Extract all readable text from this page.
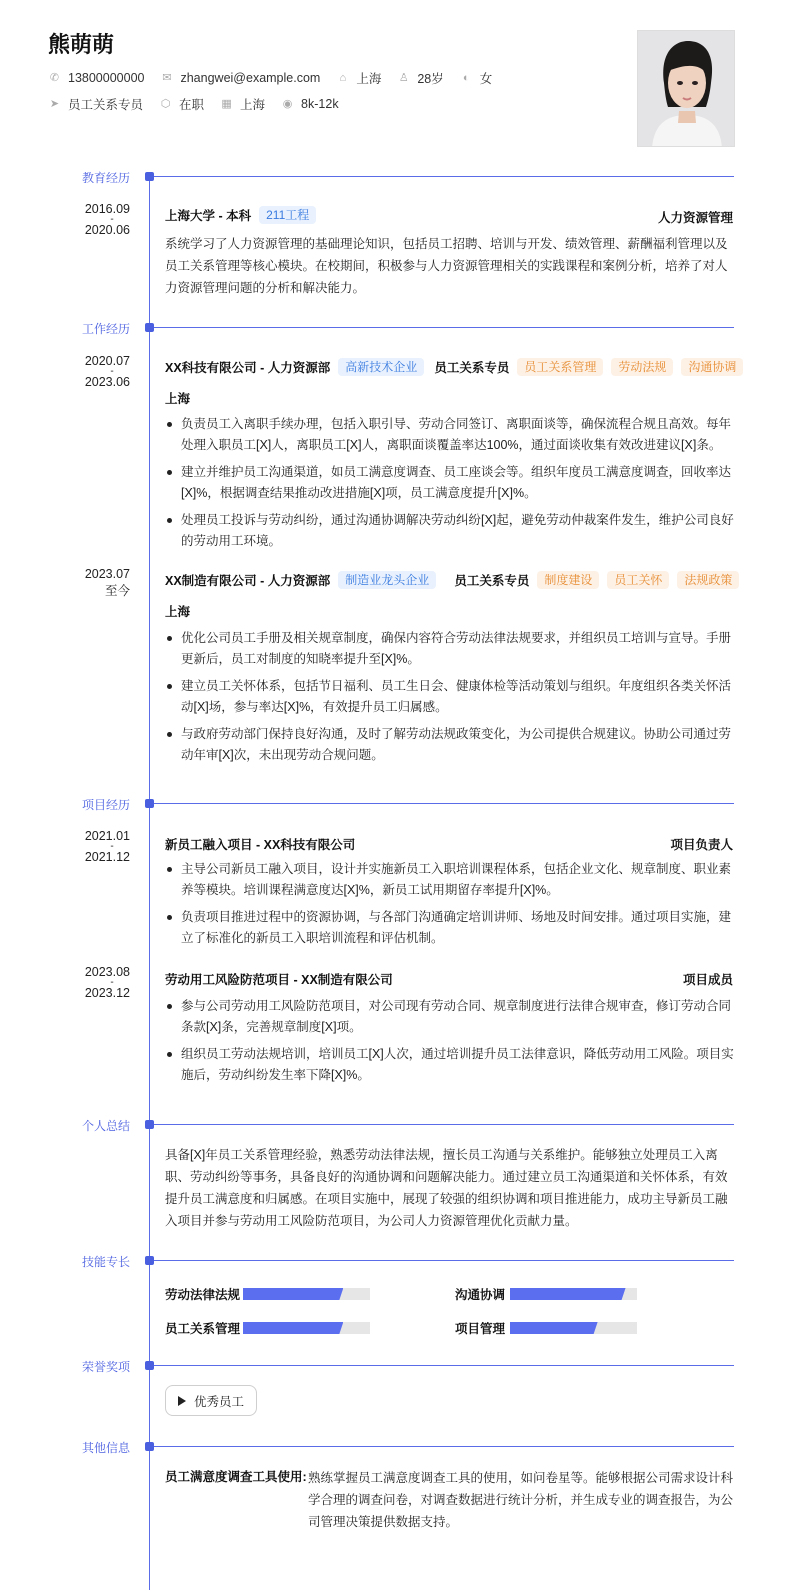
熊萌萌
✆ 13800000000 ✉ zhangwei@example.com ⌂ 上海 ♙ 28岁 ◐ 女
➤ 员工关系专员 ⬡ 在职 ▦ 上海 ◉ 8k-12k
教育经历
2016.09
-
2020.06
上海大学 - 本科	211工程	人力资源管理
系统学习了人力资源管理的基础理论知识，包括员工招聘、培训与开发、绩效管理、薪酬福利管理以及员工关系管理等核心模块。在校期间，积极参与人力资源管理相关的实践课程和案例分析，培养了对人力资源管理问题的分析和解决能力。
工作经历
2020.07
-
2023.06
XX科技有限公司 - 人力资源部	高新技术企业	员工关系专员	员工关系管理	劳动法规	沟通协调
上海
负责员工入离职手续办理，包括入职引导、劳动合同签订、离职面谈等，确保流程合规且高效。每年处理入职员工[X]人，离职员工[X]人，离职面谈覆盖率达100%，通过面谈收集有效改进建议[X]条。
建立并维护员工沟通渠道，如员工满意度调查、员工座谈会等。组织年度员工满意度调查，回收率达[X]%，根据调查结果推动改进措施[X]项，员工满意度提升[X]%。
处理员工投诉与劳动纠纷，通过沟通协调解决劳动纠纷[X]起，避免劳动仲裁案件发生，维护公司良好的劳动用工环境。
2023.07
至今
XX制造有限公司 - 人力资源部	制造业龙头企业	员工关系专员	制度建设	员工关怀	法规政策
上海
优化公司员工手册及相关规章制度，确保内容符合劳动法律法规要求，并组织员工培训与宣导。手册更新后，员工对制度的知晓率提升至[X]%。
建立员工关怀体系，包括节日福利、员工生日会、健康体检等活动策划与组织。年度组织各类关怀活动[X]场，参与率达[X]%，有效提升员工归属感。
与政府劳动部门保持良好沟通，及时了解劳动法规政策变化，为公司提供合规建议。协助公司通过劳动年审[X]次，未出现劳动合规问题。
项目经历
2021.01
-
2021.12
新员工融入项目 - XX科技有限公司	项目负责人
主导公司新员工融入项目，设计并实施新员工入职培训课程体系，包括企业文化、规章制度、职业素养等模块。培训课程满意度达[X]%，新员工试用期留存率提升[X]%。
负责项目推进过程中的资源协调，与各部门沟通确定培训讲师、场地及时间安排。通过项目实施，建立了标准化的新员工入职培训流程和评估机制。
2023.08
-
2023.12
劳动用工风险防范项目 - XX制造有限公司	项目成员
参与公司劳动用工风险防范项目，对公司现有劳动合同、规章制度进行法律合规审查，修订劳动合同条款[X]条，完善规章制度[X]项。
组织员工劳动法规培训，培训员工[X]人次，通过培训提升员工法律意识，降低劳动用工风险。项目实施后，劳动纠纷发生率下降[X]%。
个人总结
具备[X]年员工关系管理经验，熟悉劳动法律法规，擅长员工沟通与关系维护。能够独立处理员工入离职、劳动纠纷等事务，具备良好的沟通协调和问题解决能力。通过建立员工沟通渠道和关怀体系，有效提升员工满意度和归属感。在项目实施中，展现了较强的组织协调和项目推进能力，成功主导新员工融入项目并参与劳动用工风险防范项目，为公司人力资源管理优化贡献力量。
技能专长
劳动法律法规	沟通协调
员工关系管理	项目管理
荣誉奖项
优秀员工
其他信息
员工满意度调查工具使用: 熟练掌握员工满意度调查工具的使用，如问卷星等。能够根据公司需求设计科学合理的调查问卷，对调查数据进行统计分析，并生成专业的调查报告，为公司管理决策提供数据支持。
